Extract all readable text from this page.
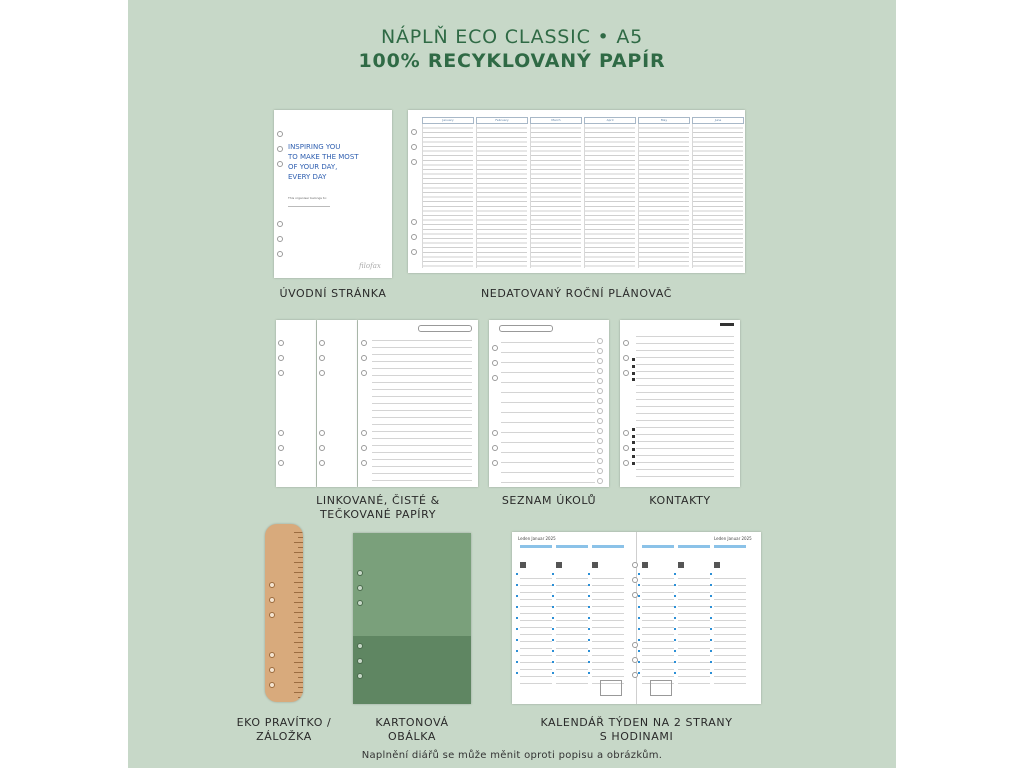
NÁPLŇ ECO CLASSIC • A5
100% RECYKLOVANÝ PAPÍR
INSPIRING YOU
TO MAKE THE MOST
OF YOUR DAY,
EVERY DAY
This organiser belongs to:
filofax
ÚVODNÍ STRÁNKA
January	February	March	April	May	June
NEDATOVANÝ ROČNÍ PLÁNOVAČ
LINKOVANÉ, ČISTÉ &
TEČKOVANÉ PAPÍRY
SEZNAM ÚKOLŮ	KONTAKTY
EKO PRAVÍTKO /
ZÁLOŽKA
KARTONOVÁ
OBÁLKA
Leden Januar 2025	Leden Januar 2025
KALENDÁŘ TÝDEN NA 2 STRANY
S HODINAMI
Naplnění diářů se může měnit oproti popisu a obrázkům.
